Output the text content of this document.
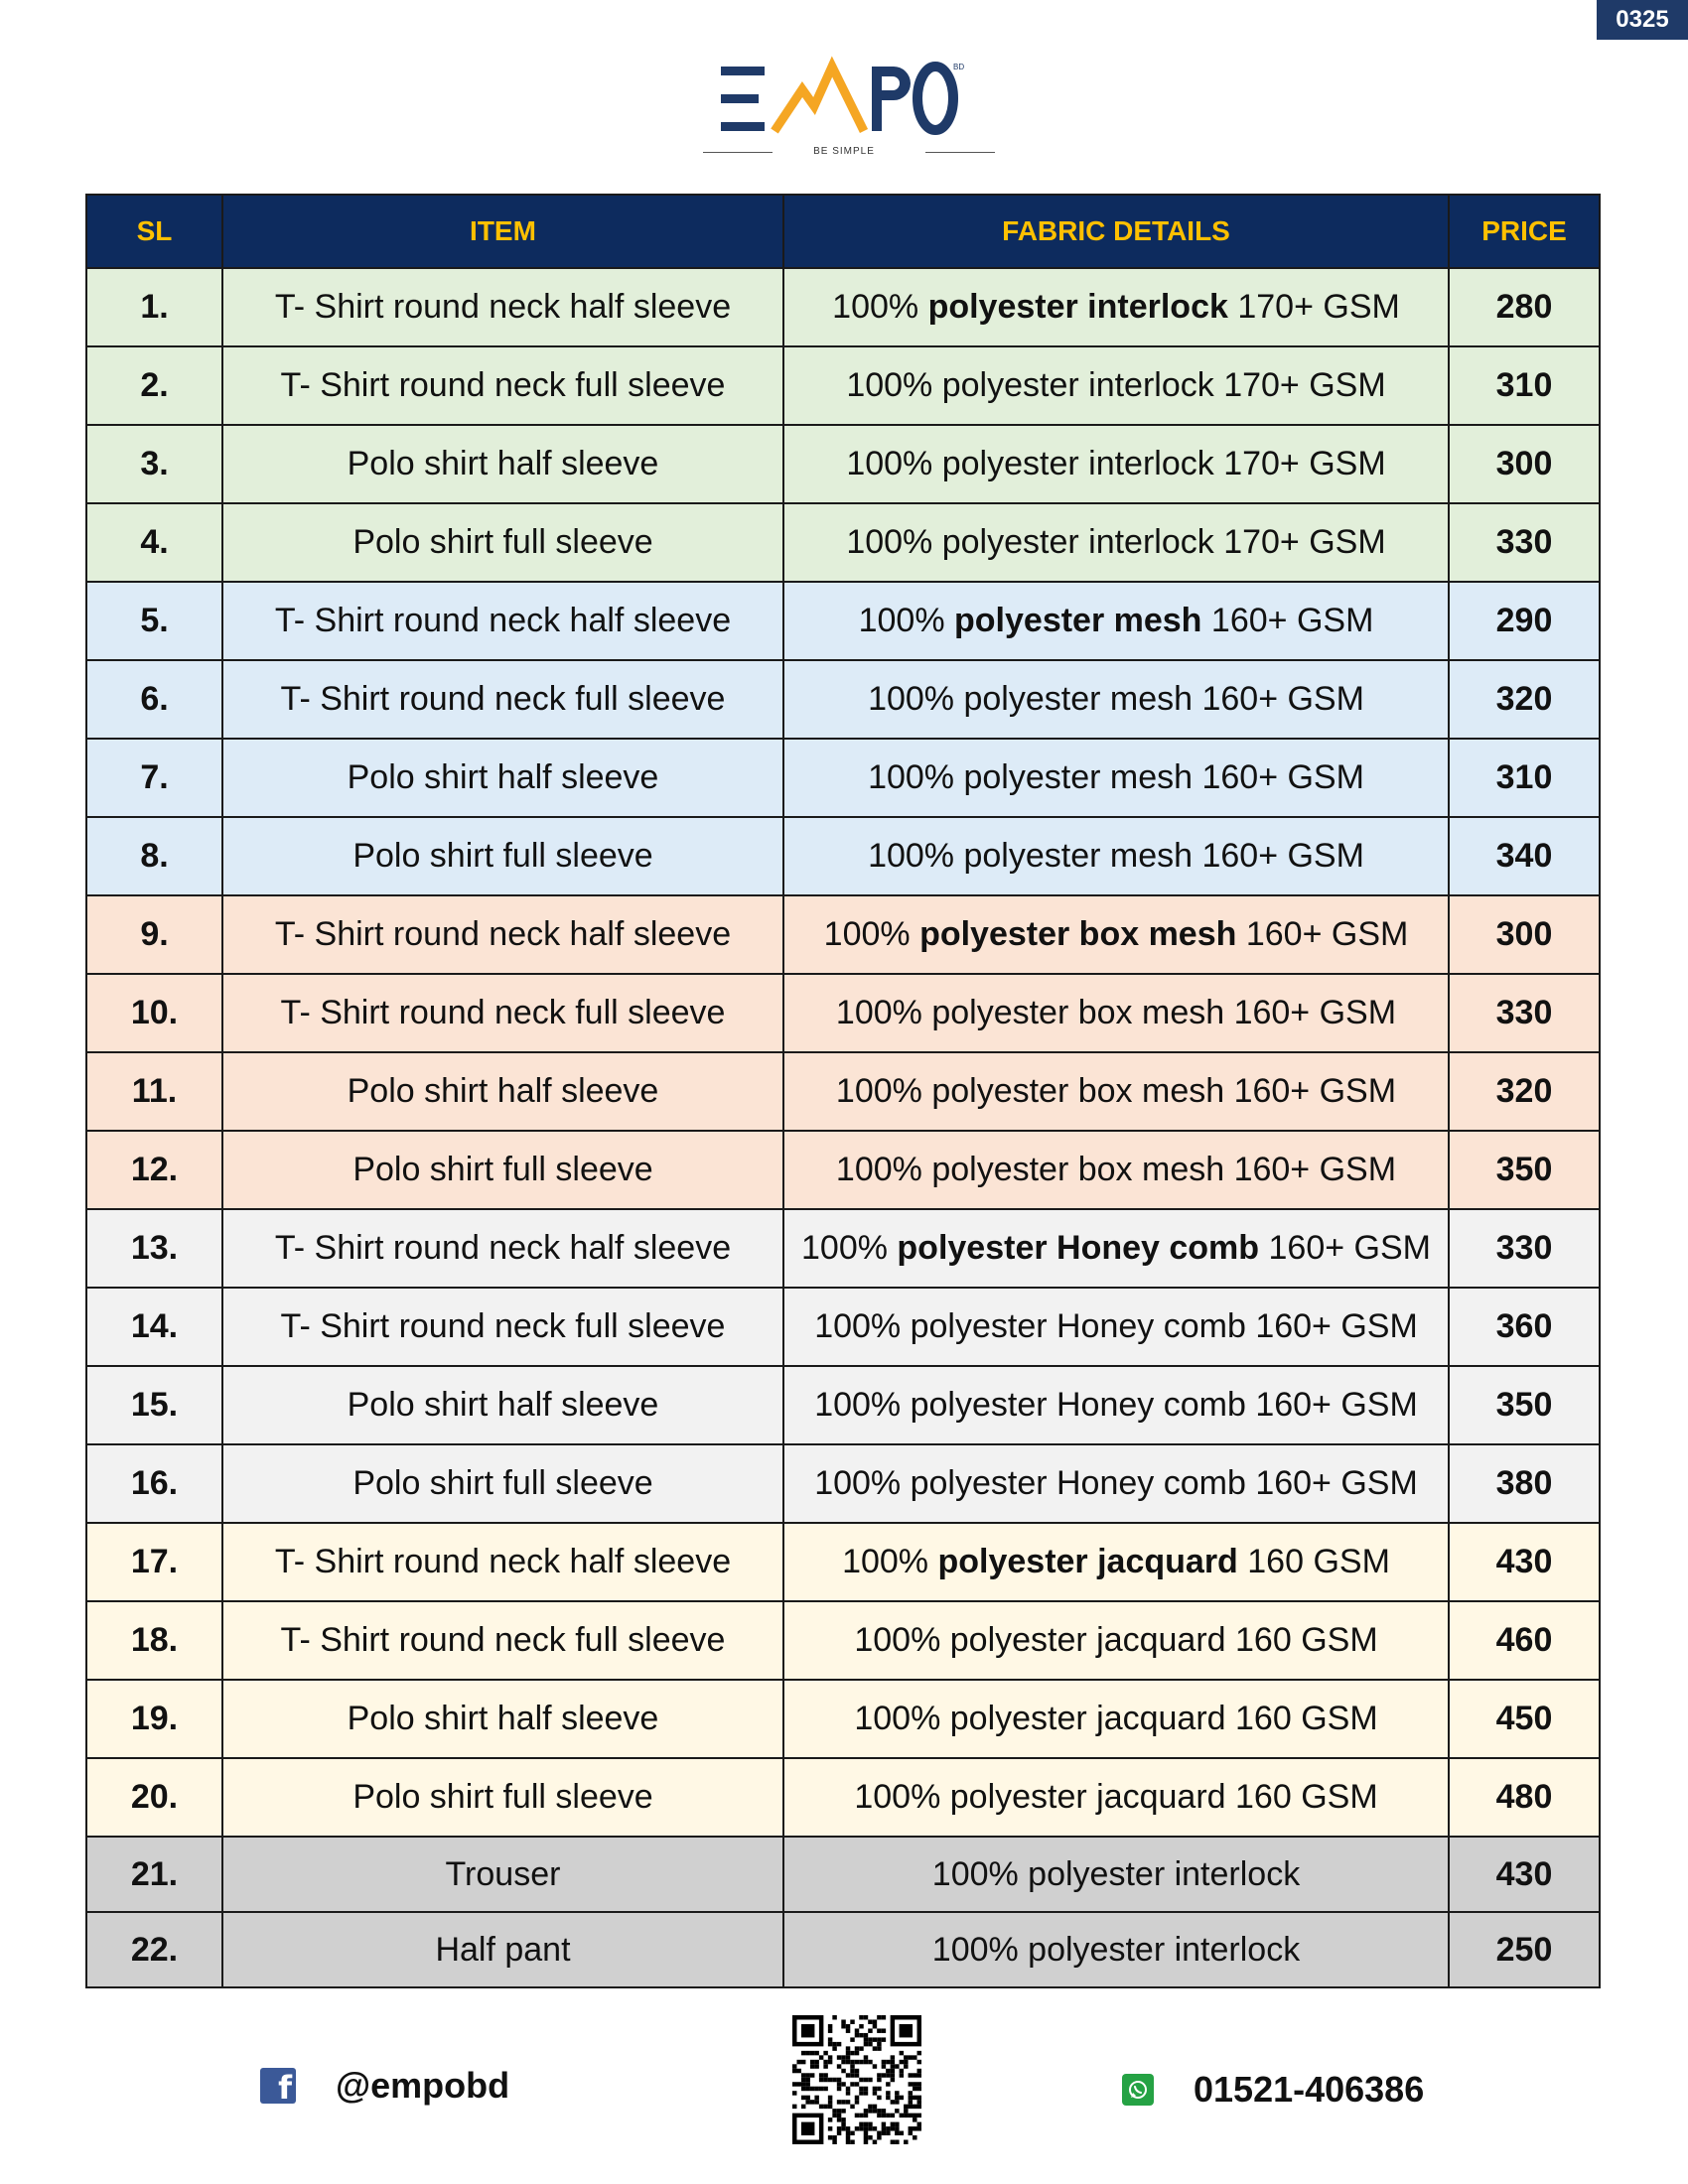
0325
BD
BE SIMPLE
SL	ITEM	FABRIC DETAILS	PRICE
1.	T- Shirt round neck half sleeve	100% polyester interlock 170+ GSM	280
2.	T- Shirt round neck full sleeve	100% polyester interlock 170+ GSM	310
3.	Polo shirt half sleeve	100% polyester interlock 170+ GSM	300
4.	Polo shirt full sleeve	100% polyester interlock 170+ GSM	330
5.	T- Shirt round neck half sleeve	100% polyester mesh 160+ GSM	290
6.	T- Shirt round neck full sleeve	100% polyester mesh 160+ GSM	320
7.	Polo shirt half sleeve	100% polyester mesh 160+ GSM	310
8.	Polo shirt full sleeve	100% polyester mesh 160+ GSM	340
9.	T- Shirt round neck half sleeve	100% polyester box mesh 160+ GSM	300
10.	T- Shirt round neck full sleeve	100% polyester box mesh 160+ GSM	330
11.	Polo shirt half sleeve	100% polyester box mesh 160+ GSM	320
12.	Polo shirt full sleeve	100% polyester box mesh 160+ GSM	350
13.	T- Shirt round neck half sleeve	100% polyester Honey comb 160+ GSM	330
14.	T- Shirt round neck full sleeve	100% polyester Honey comb 160+ GSM	360
15.	Polo shirt half sleeve	100% polyester Honey comb 160+ GSM	350
16.	Polo shirt full sleeve	100% polyester Honey comb 160+ GSM	380
17.	T- Shirt round neck half sleeve	100% polyester jacquard 160 GSM	430
18.	T- Shirt round neck full sleeve	100% polyester jacquard 160 GSM	460
19.	Polo shirt half sleeve	100% polyester jacquard 160 GSM	450
20.	Polo shirt full sleeve	100% polyester jacquard 160 GSM	480
21.	Trouser	100% polyester interlock	430
22.	Half pant	100% polyester interlock	250
f @empobd	01521-406386
